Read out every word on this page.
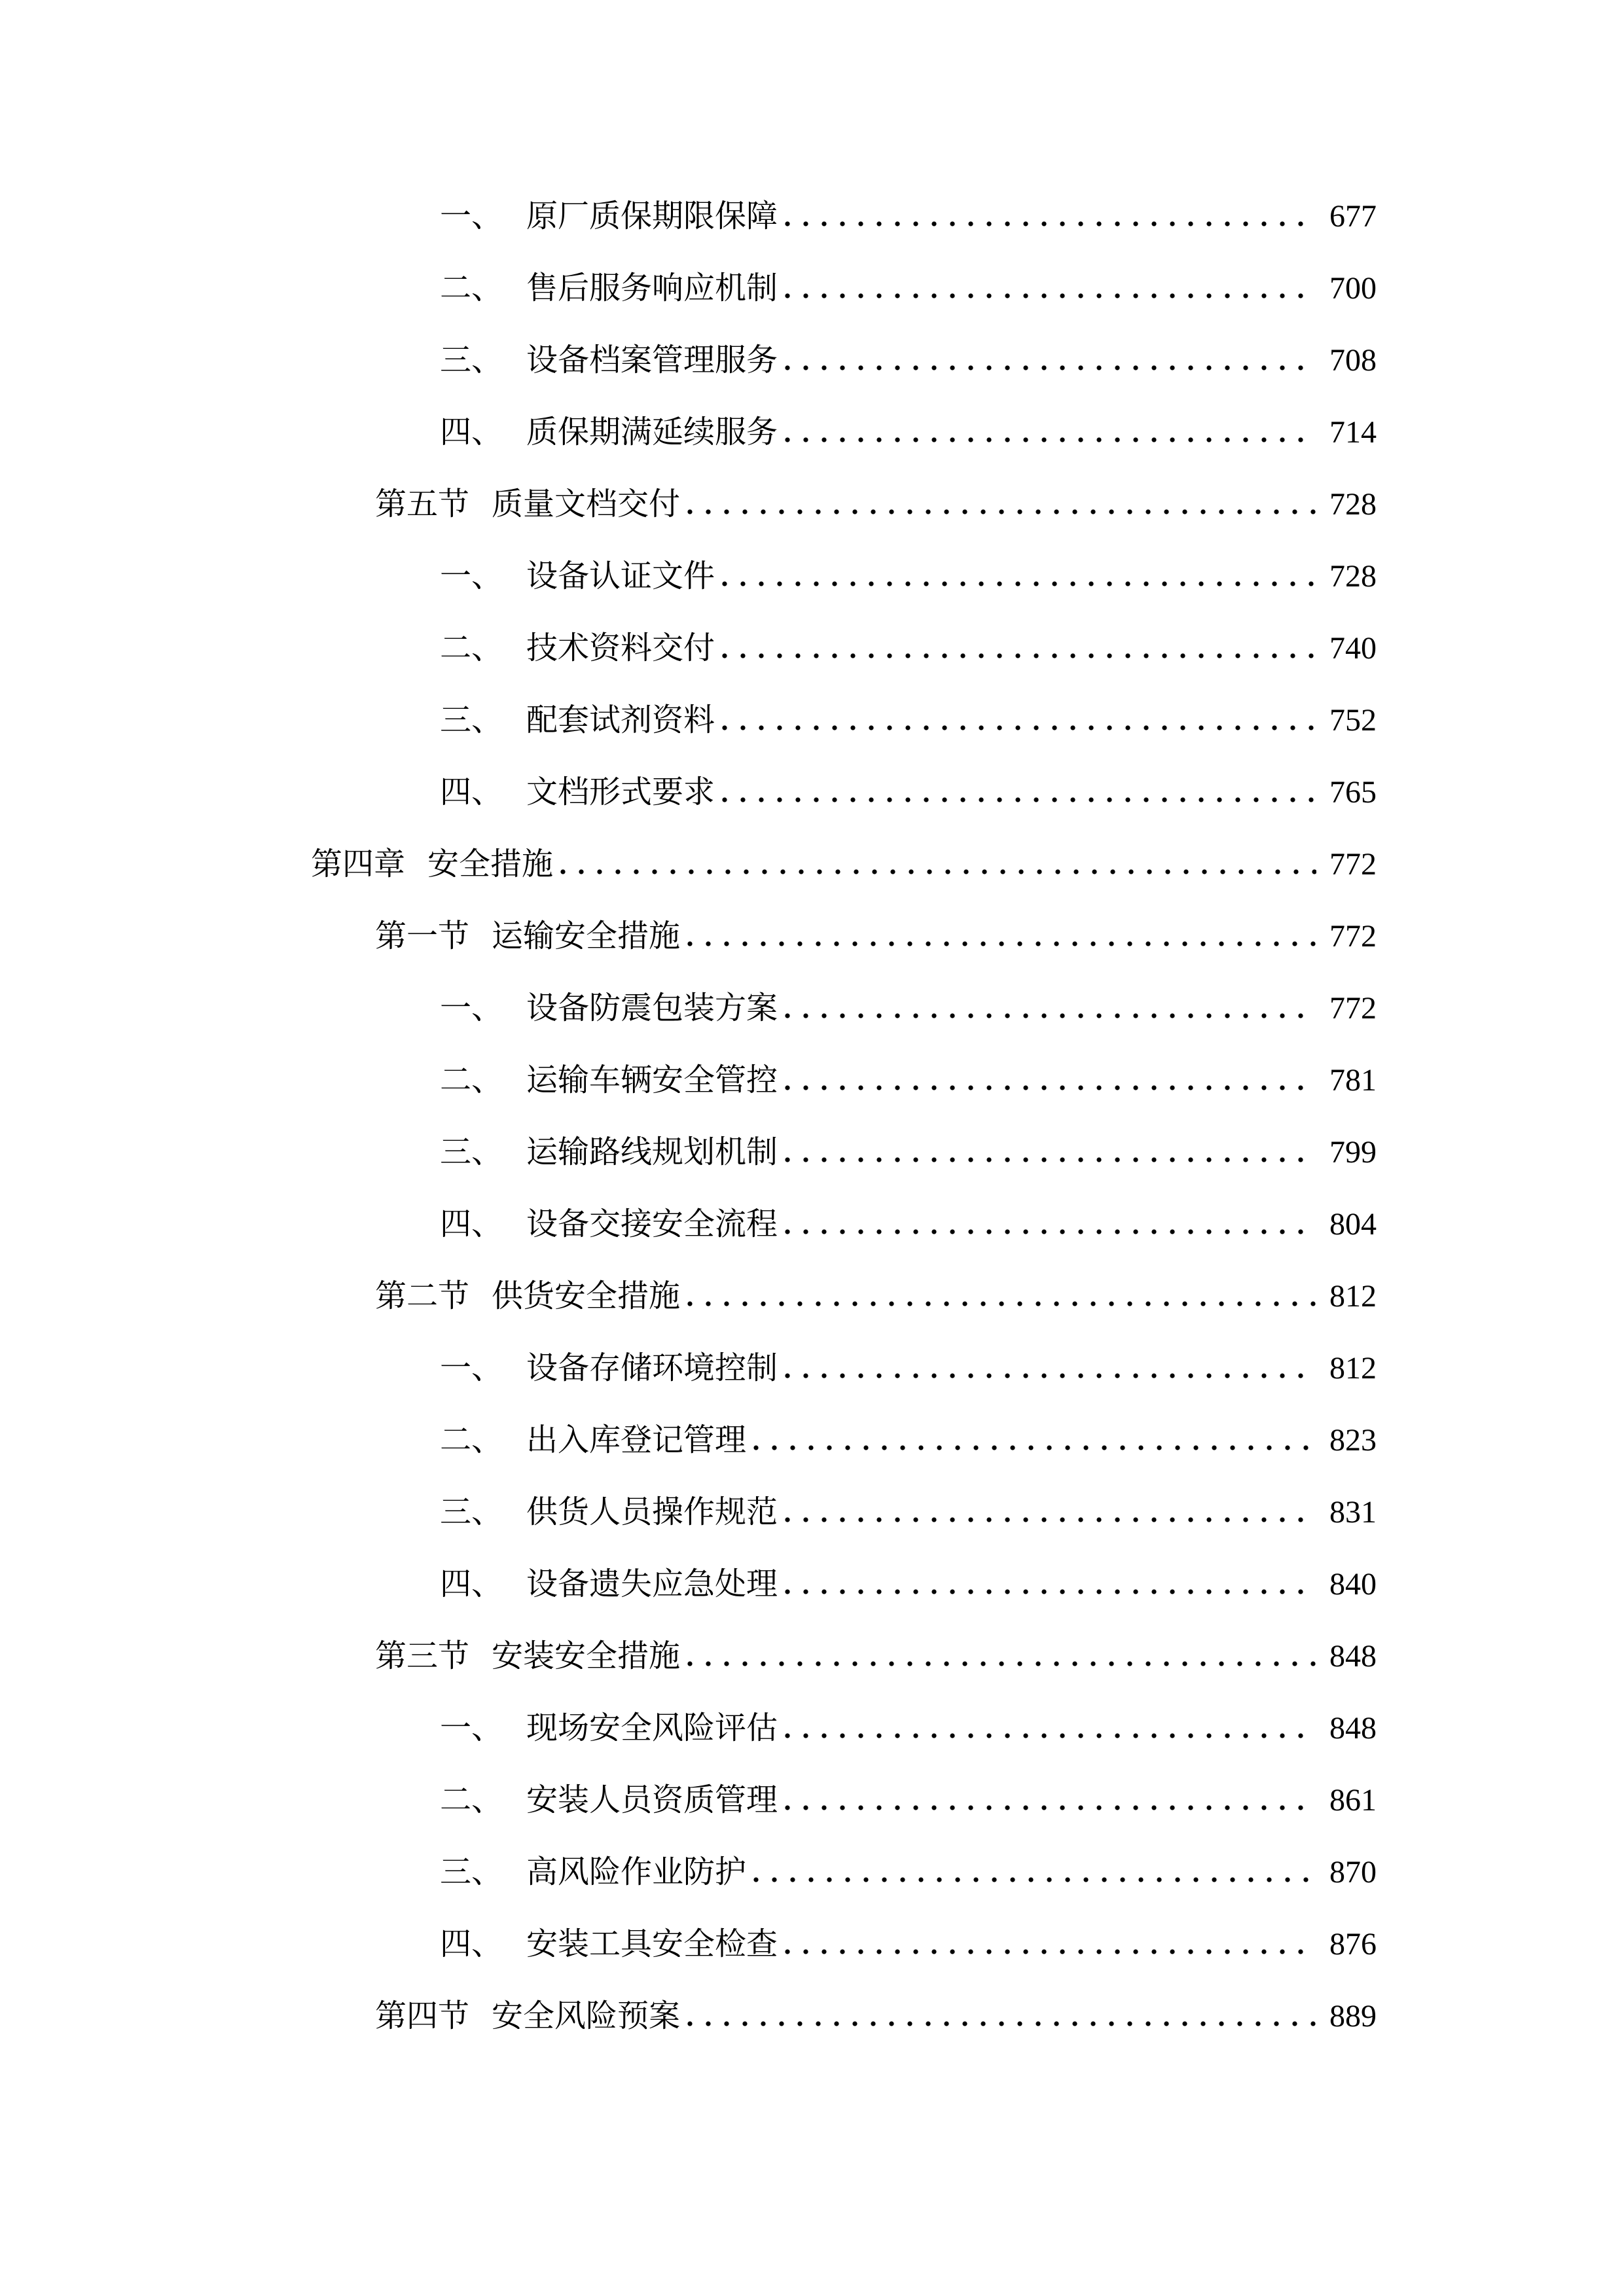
一、 原厂质保期限保障	677
二、 售后服务响应机制	700
三、 设备档案管理服务	708
四、 质保期满延续服务	714
第五节 质量文档交付	728
一、 设备认证文件	728
二、 技术资料交付	740
三、 配套试剂资料	752
四、 文档形式要求	765
第四章 安全措施	772
第一节 运输安全措施	772
一、 设备防震包装方案	772
二、 运输车辆安全管控	781
三、 运输路线规划机制	799
四、 设备交接安全流程	804
第二节 供货安全措施	812
一、 设备存储环境控制	812
二、 出入库登记管理	823
三、 供货人员操作规范	831
四、 设备遗失应急处理	840
第三节 安装安全措施	848
一、 现场安全风险评估	848
二、 安装人员资质管理	861
三、 高风险作业防护	870
四、 安装工具安全检查	876
第四节 安全风险预案	889
